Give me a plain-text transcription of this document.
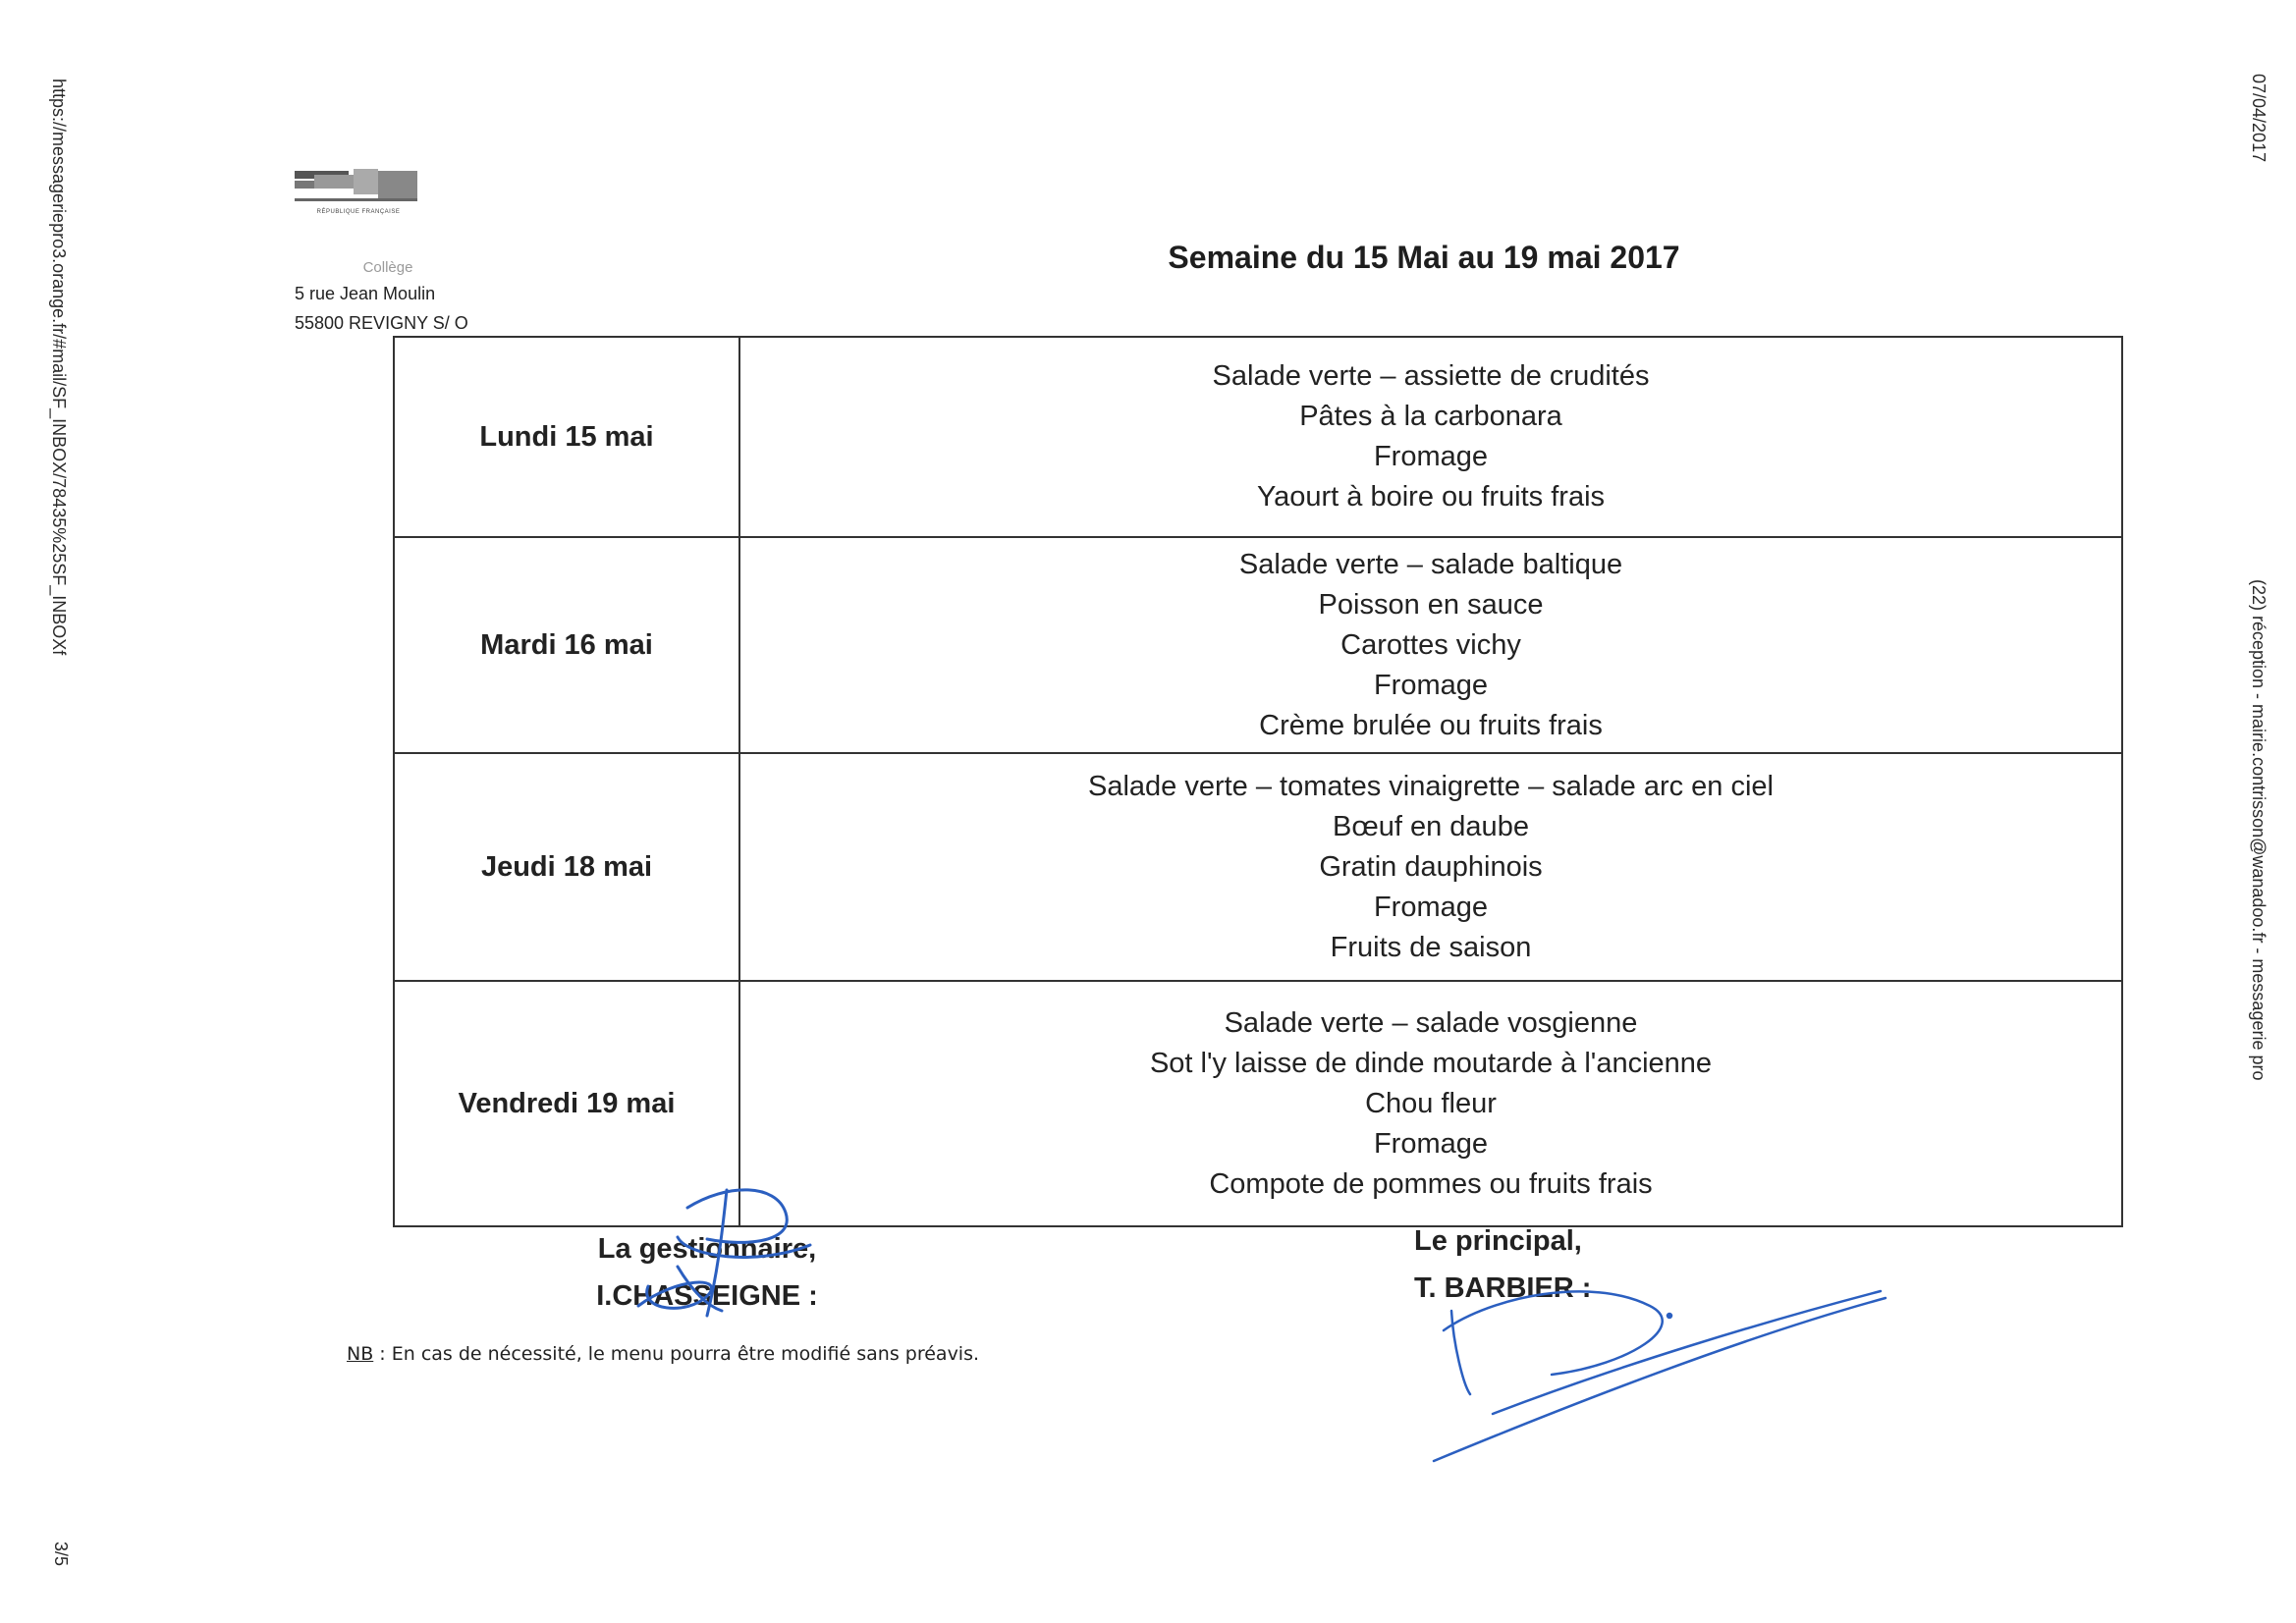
https://messageriepro3.orange.fr/#mail/SF_INBOX/78435%25SF_INBOXf
3/5
07/04/2017
(22) réception - mairie.contrisson@wanadoo.fr - messagerie pro
RÉPUBLIQUE FRANÇAISE
Collège
5 rue Jean Moulin
55800 REVIGNY S/ O
Semaine du 15 Mai au 19 mai 2017
Lundi 15 mai	Salade verte – assiette de crudités
Pâtes à la carbonara
Fromage
Yaourt à boire ou fruits frais

Mardi 16 mai	Salade verte – salade baltique
Poisson en sauce
Carottes vichy
Fromage
Crème brulée ou fruits frais

Jeudi 18 mai	Salade verte – tomates vinaigrette – salade arc en ciel
Bœuf en daube
Gratin dauphinois
Fromage
Fruits de saison

Vendredi 19 mai	Salade verte – salade vosgienne
Sot l'y laisse de dinde moutarde à l'ancienne
Chou fleur
Fromage
Compote de pommes ou fruits frais
La gestionnaire,
I.CHASSEIGNE :
Le principal,
T. BARBIER :
NB : En cas de nécessité, le menu pourra être modifié sans préavis.
